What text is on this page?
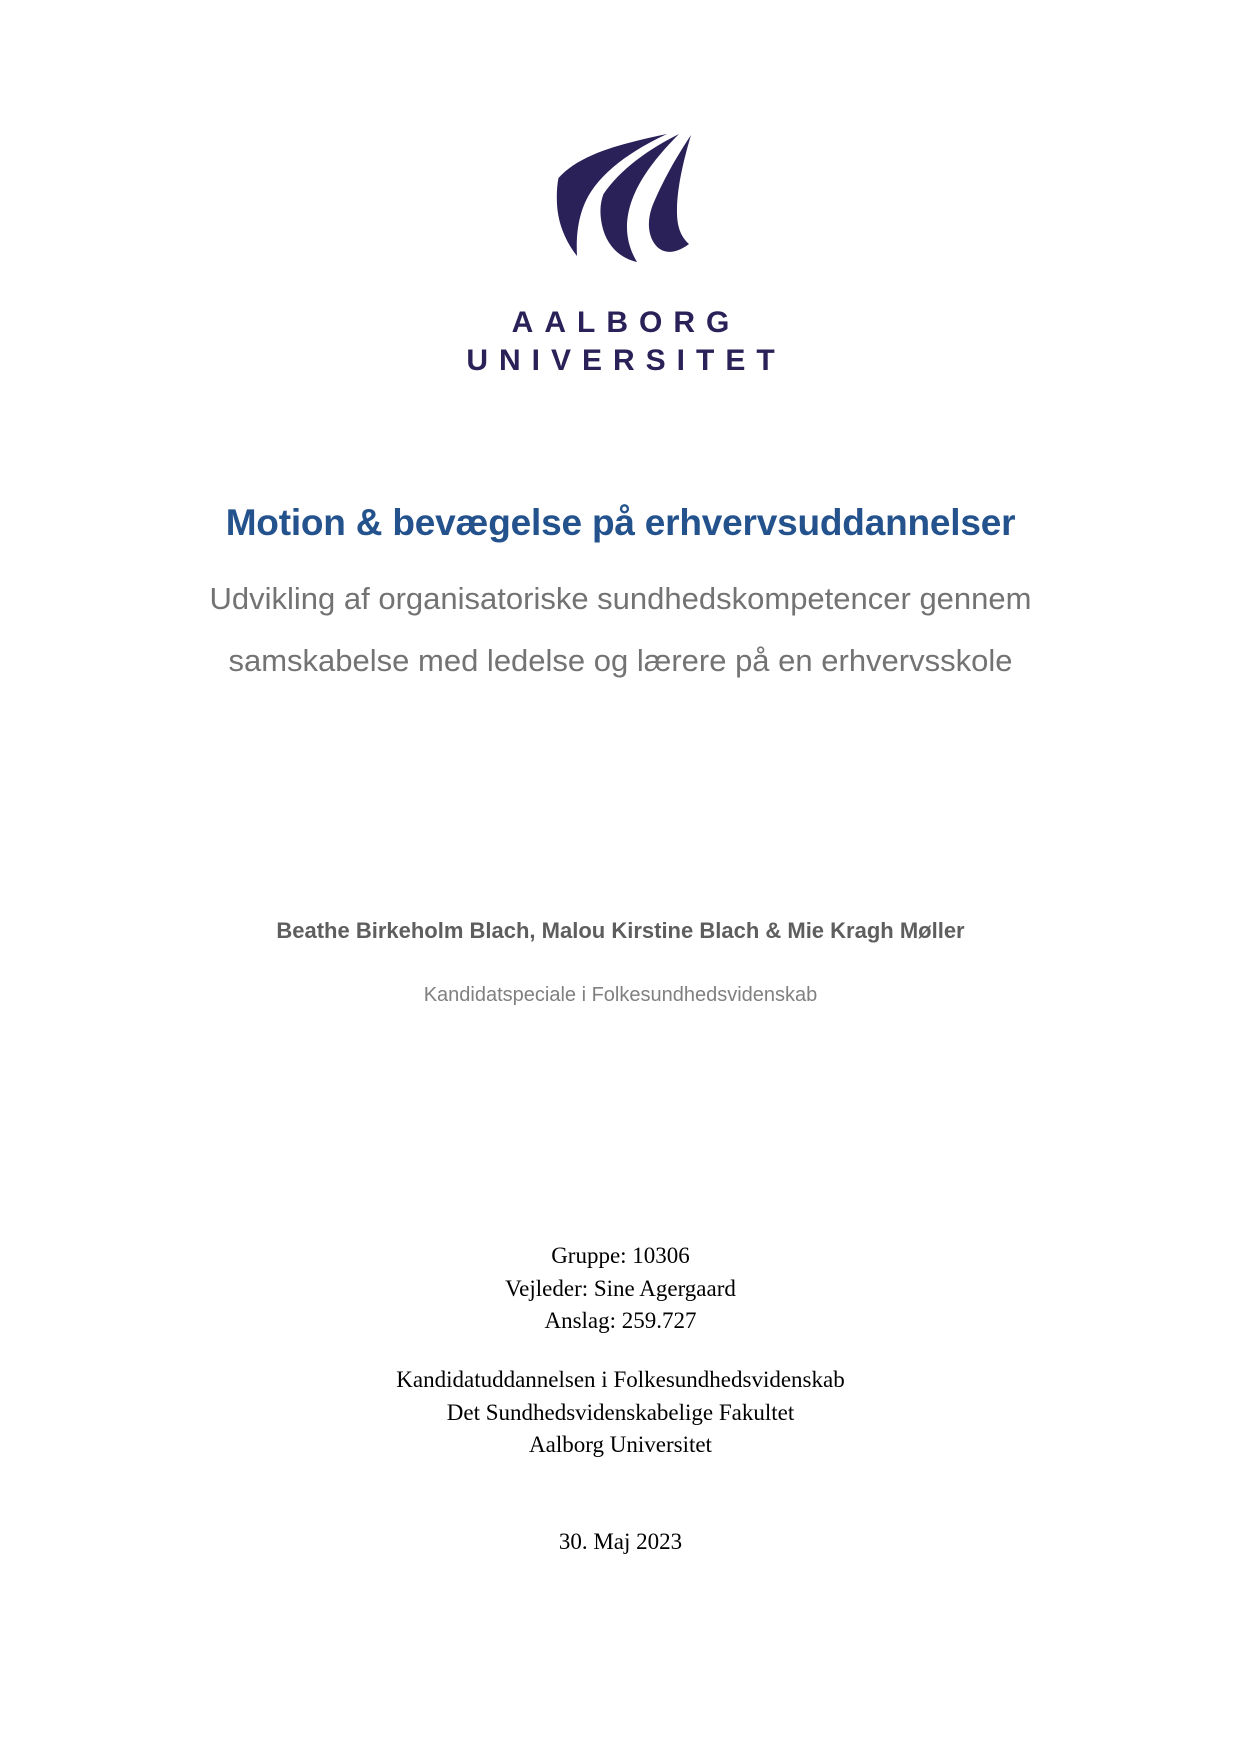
AALBORG
UNIVERSITET
Motion & bevægelse på erhvervsuddannelser

Udvikling af organisatoriske sundhedskompetencer gennem samskabelse med ledelse og lærere på en erhvervsskole

Beathe Birkeholm Blach, Malou Kirstine Blach & Mie Kragh Møller

Kandidatspeciale i Folkesundhedsvidenskab

Gruppe: 10306
Vejleder: Sine Agergaard
Anslag: 259.727
Kandidatuddannelsen i Folkesundhedsvidenskab
Det Sundhedsvidenskabelige Fakultet
Aalborg Universitet
30. Maj 2023
